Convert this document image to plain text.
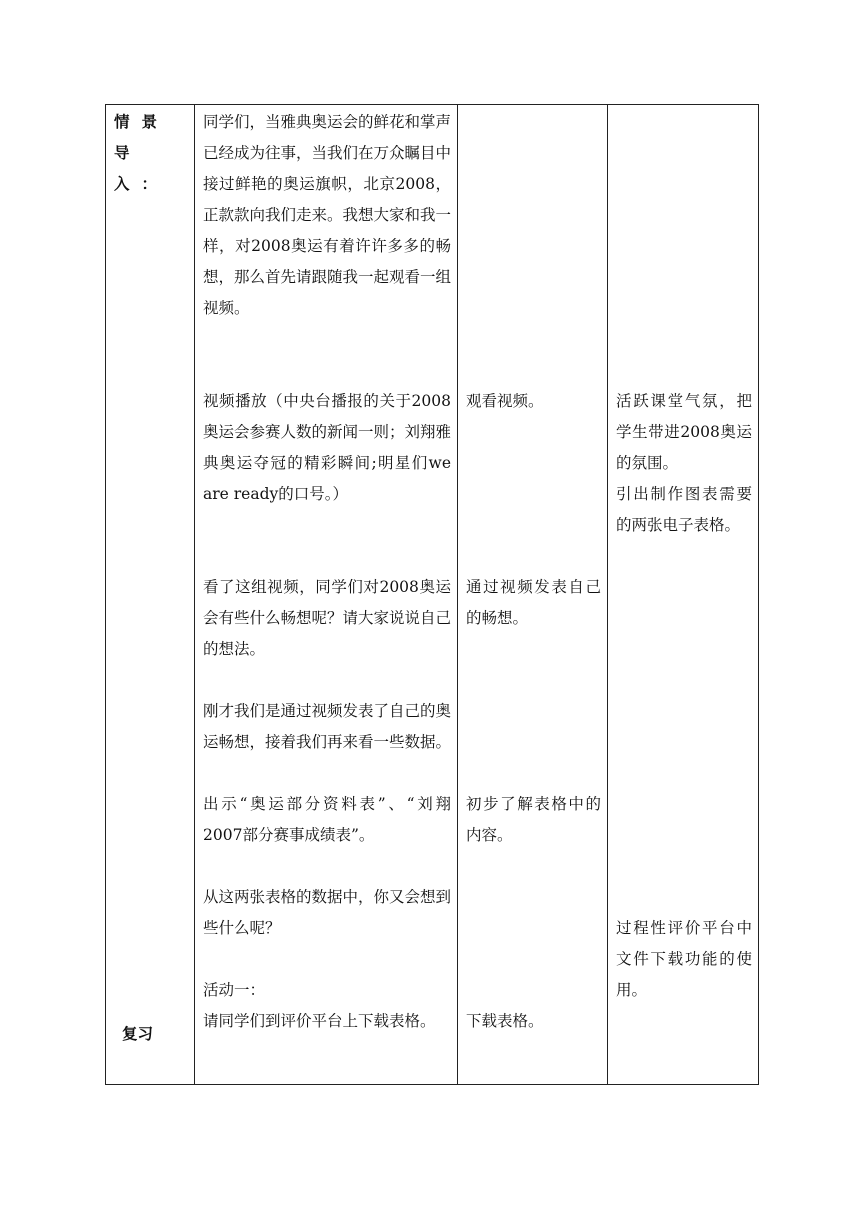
情景导入：
复习

同学们，当雅典奥运会的鲜花和掌声已经成为往事，当我们在万众瞩目中接过鲜艳的奥运旗帜，北京2008，正款款向我们走来。我想大家和我一样，对2008奥运有着许许多多的畅想，那么首先请跟随我一起观看一组视频。
视频播放（中央台播报的关于2008奥运会参赛人数的新闻一则；刘翔雅典奥运夺冠的精彩瞬间;明星们we are ready的口号。）
看了这组视频，同学们对2008奥运会有些什么畅想呢？请大家说说自己的想法。
刚才我们是通过视频发表了自己的奥运畅想，接着我们再来看一些数据。
出示“奥运部分资料表”、“刘翔2007部分赛事成绩表”。
从这两张表格的数据中，你又会想到些什么呢？
活动一：
请同学们到评价平台上下载表格。

观看视频。
通过视频发表自己的畅想。
初步了解表格中的内容。
下载表格。

活跃课堂气氛，把学生带进2008奥运的氛围。
引出制作图表需要的两张电子表格。
过程性评价平台中文件下载功能的使用。
